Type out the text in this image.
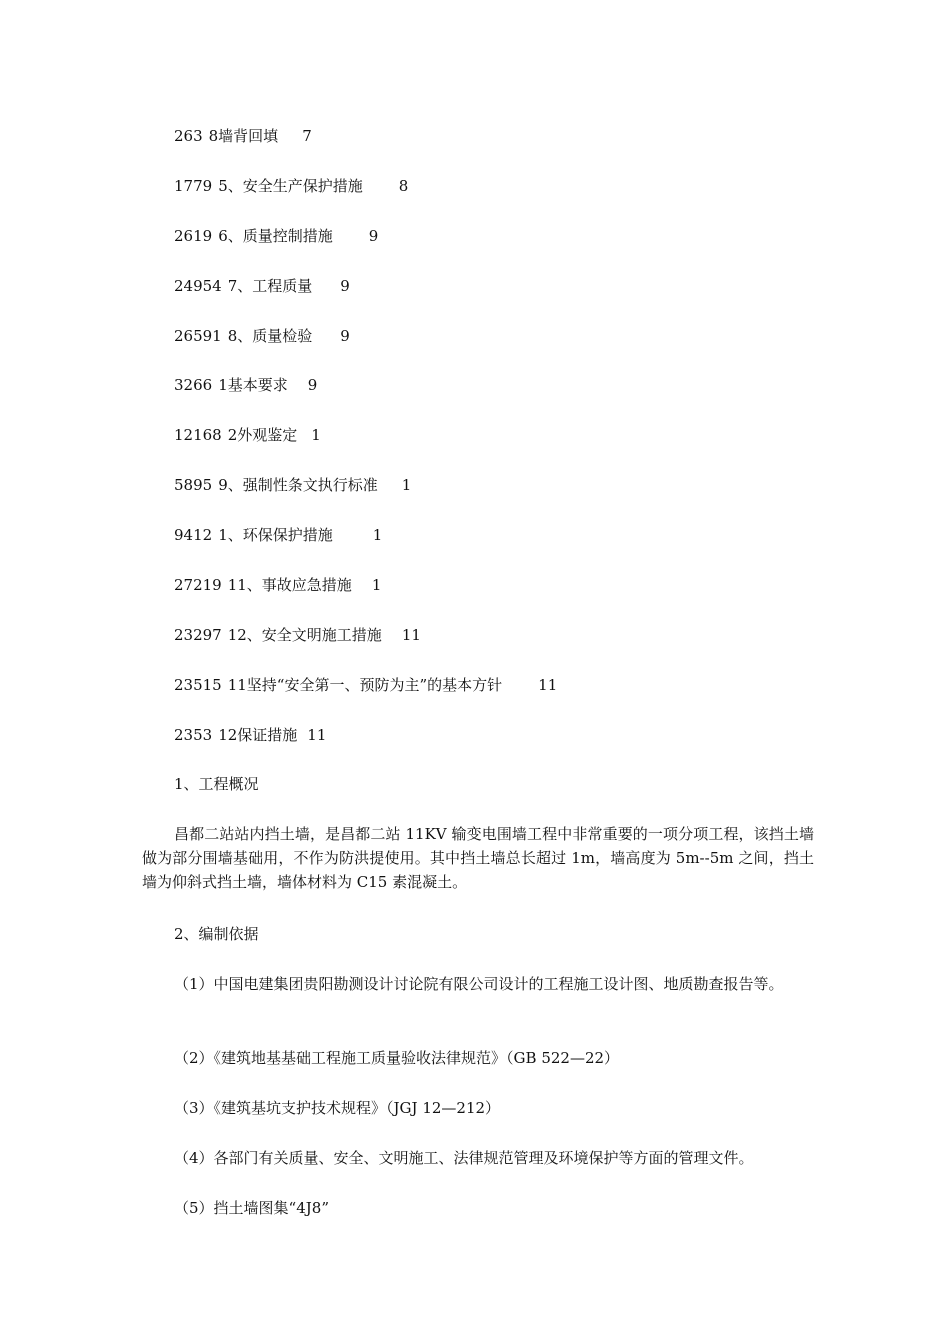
263 8墙背回填 7
1779 5、安全生产保护措施 8
2619 6、质量控制措施 9
24954 7、工程质量 9
26591 8、质量检验 9
3266 1基本要求 9
12168 2外观鉴定 1
5895 9、强制性条文执行标准 1
9412 1、环保保护措施	1
27219 11、事故应急措施 1
23297 12、安全文明施工措施 11
23515 11坚持“安全第一、预防为主”的基本方针 11
2353 12保证措施 11
1、工程概况

昌都二站站内挡土墙，是昌都二站 11KV 输变电围墙工程中非常重要的一项分项工程，该挡土墙做为部分围墙基础用，不作为防洪提使用。其中挡土墙总长超过 1m，墙高度为 5m--5m 之间，挡土墙为仰斜式挡土墙，墙体材料为 C15 素混凝土。

2、编制依据

（1）中国电建集团贵阳勘测设计讨论院有限公司设计的工程施工设计图、地质勘查报告等。

（2）《建筑地基基础工程施工质量验收法律规范》（GB 522—22）
（3）《建筑基坑支护技术规程》（JGJ 12—212）
（4）各部门有关质量、安全、文明施工、法律规范管理及环境保护等方面的管理文件。
（5）挡土墙图集“4J8”
